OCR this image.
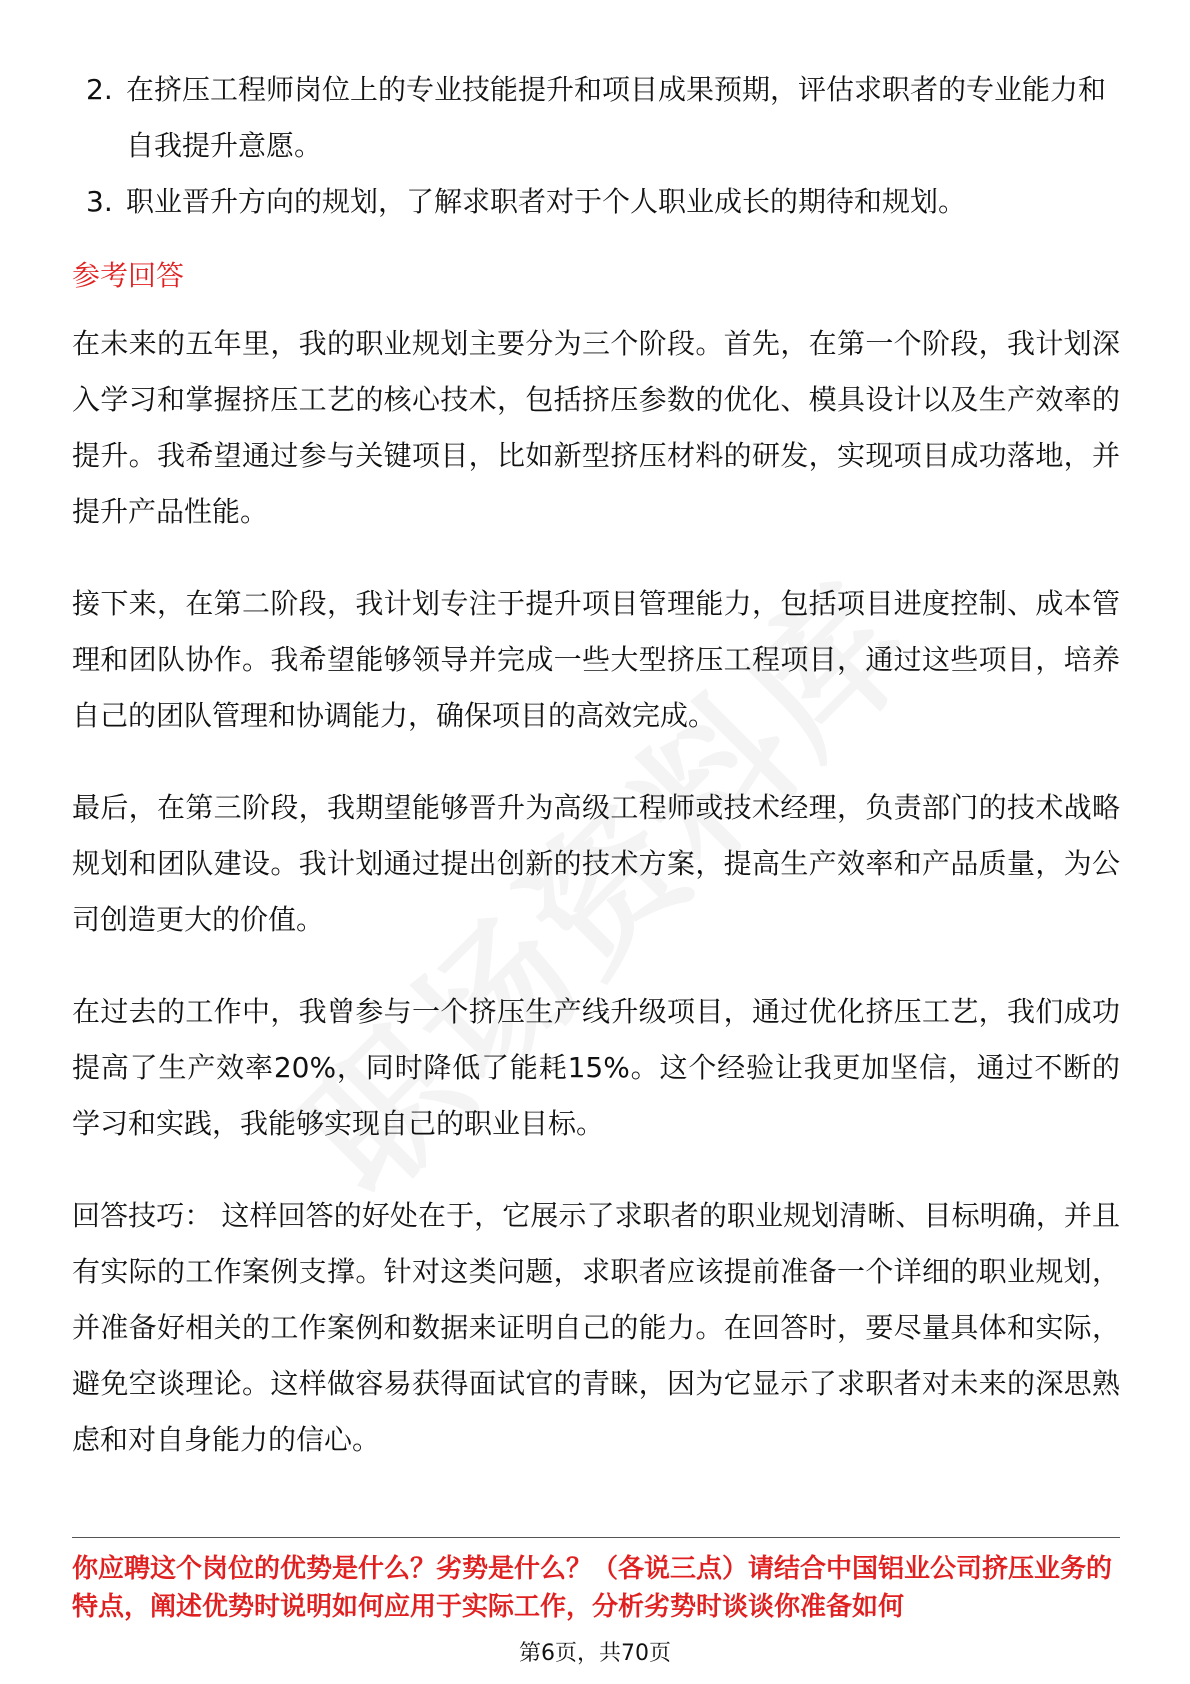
2. 在挤压工程师岗位上的专业技能提升和项目成果预期，评估求职者的专业能力和自我提升意愿。
3. 职业晋升方向的规划，了解求职者对于个人职业成长的期待和规划。
参考回答

在未来的五年里，我的职业规划主要分为三个阶段。首先，在第一个阶段，我计划深入学习和掌握挤压工艺的核心技术，包括挤压参数的优化、模具设计以及生产效率的提升。我希望通过参与关键项目，比如新型挤压材料的研发，实现项目成功落地，并提升产品性能。

接下来，在第二阶段，我计划专注于提升项目管理能力，包括项目进度控制、成本管理和团队协作。我希望能够领导并完成一些大型挤压工程项目，通过这些项目，培养自己的团队管理和协调能力，确保项目的高效完成。

最后，在第三阶段，我期望能够晋升为高级工程师或技术经理，负责部门的技术战略规划和团队建设。我计划通过提出创新的技术方案，提高生产效率和产品质量，为公司创造更大的价值。

在过去的工作中，我曾参与一个挤压生产线升级项目，通过优化挤压工艺，我们成功提高了生产效率20%，同时降低了能耗15%。这个经验让我更加坚信，通过不断的学习和实践，我能够实现自己的职业目标。

回答技巧： 这样回答的好处在于，它展示了求职者的职业规划清晰、目标明确，并且有实际的工作案例支撑。针对这类问题，求职者应该提前准备一个详细的职业规划，并准备好相关的工作案例和数据来证明自己的能力。在回答时，要尽量具体和实际，避免空谈理论。这样做容易获得面试官的青睐，因为它显示了求职者对未来的深思熟虑和对自身能力的信心。

你应聘这个岗位的优势是什么？劣势是什么？（各说三点）请结合中国铝业公司挤压业务的特点，阐述优势时说明如何应用于实际工作，分析劣势时谈谈你准备如何
第6页，共70页
